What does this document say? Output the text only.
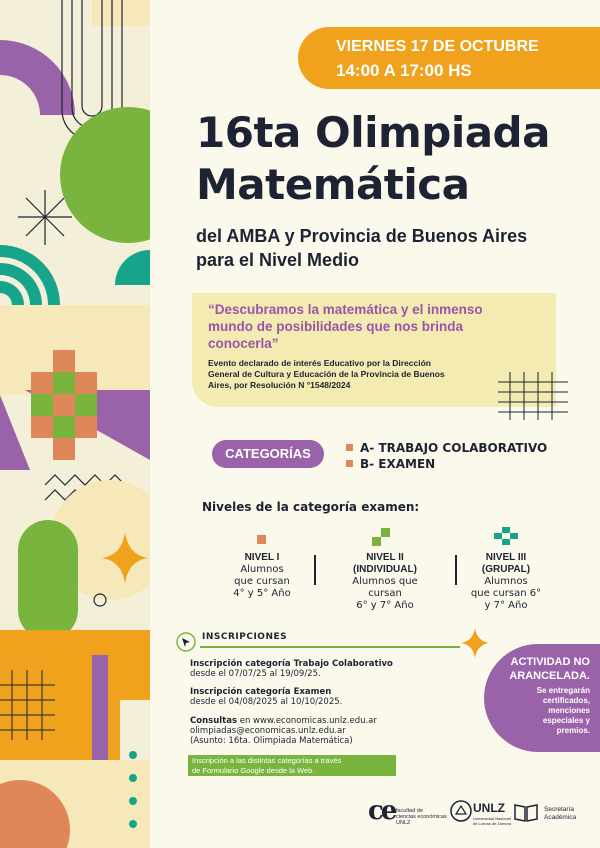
VIERNES 17 DE OCTUBRE
14:00 A 17:00 HS
16ta Olimpiada
Matemática
del AMBA y Provincia de Buenos Aires
para el Nivel Medio
“Descubramos la matemática y el inmenso
mundo de posibilidades que nos brinda
conocerla”
Evento declarado de interés Educativo por la Dirección
General de Cultura y Educación de la Provincia de Buenos
Aires, por Resolución N °1548/2024
CATEGORÍAS	A- TRABAJO COLABORATIVO
B- EXAMEN
Niveles de la categoría examen:
NIVEL I
Alumnos
que cursan
4° y 5° Año
NIVEL II
(INDIVIDUAL)
Alumnos que
cursan
6° y 7° Año
NIVEL III
(GRUPAL)
Alumnos
que cursan 6°
y 7° Año
INSCRIPCIONES
Inscripción categoría Trabajo Colaborativo
desde el 07/07/25 al 19/09/25.
Inscripción categoría Examen
desde el 04/08/2025 al 10/10/2025.
Consultas en www.economicas.unlz.edu.ar
olimpiadas@economicas.unlz.edu.ar
(Asunto: 16ta. Olimpiada Matemática)
Inscripción a las distintas categorías a través
de Formulario Google desde la Web.
ACTIVIDAD NO
ARANCELADA.
Se entregarán
certificados,
menciones
especiales y
premios.
ce facultad de
ciencias económicas
UNLZ
UNLZ
Universidad Nacional
de Lomas de Zamora
Secretaría
Académica
